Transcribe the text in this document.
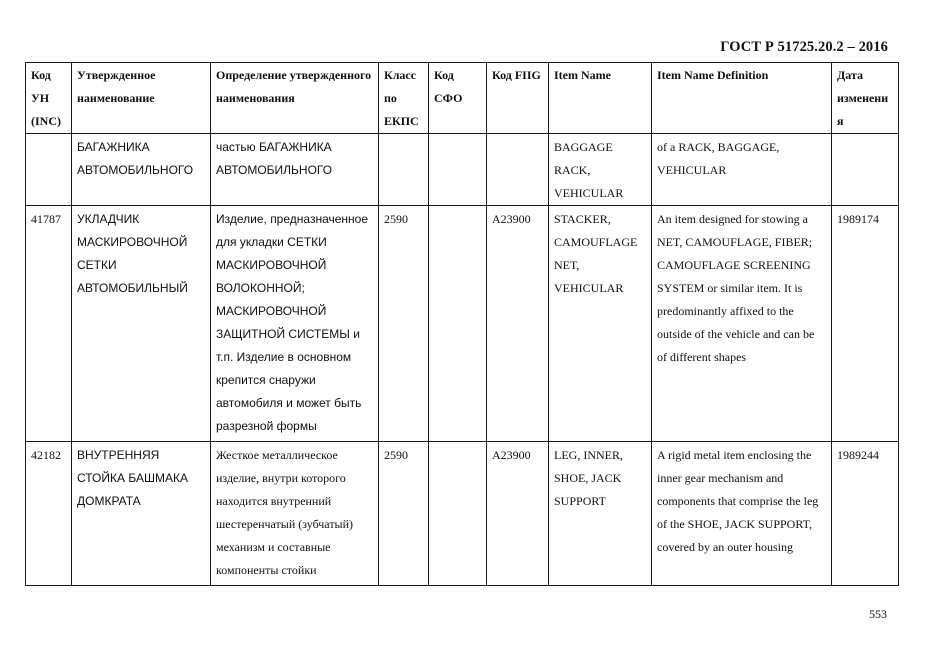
ГОСТ Р 51725.20.2 – 2016
Код УН (INC)	Утвержденное наименование	Определение утвержденного наименования	Класс по ЕКПС	Код СФО	Код FIIG	Item Name	Item Name Definition	Дата изменения
	БАГАЖНИКА АВТОМОБИЛЬНОГО	частью БАГАЖНИКА АВТОМОБИЛЬНОГО				BAGGAGE RACK, VEHICULAR	of a RACK, BAGGAGE, VEHICULAR	
41787	УКЛАДЧИК МАСКИРОВОЧНОЙ СЕТКИ АВТОМОБИЛЬНЫЙ	Изделие, предназначенное для укладки СЕТКИ МАСКИРОВОЧНОЙ ВОЛОКОННОЙ; МАСКИРОВОЧНОЙ ЗАЩИТНОЙ СИСТЕМЫ и т.п. Изделие в основном крепится снаружи автомобиля и может быть разрезной формы	2590		A23900	STACKER, CAMOUFLAGE NET, VEHICULAR	An item designed for stowing a NET, CAMOUFLAGE, FIBER; CAMOUFLAGE SCREENING SYSTEM or similar item. It is predominantly affixed to the outside of the vehicle and can be of different shapes	1989174
42182	ВНУТРЕННЯЯ СТОЙКА БАШМАКА ДОМКРАТА	Жесткое металлическое изделие, внутри которого находится внутренний шестеренчатый (зубчатый) механизм и составные компоненты стойки	2590		A23900	LEG, INNER, SHOE, JACK SUPPORT	A rigid metal item enclosing the inner gear mechanism and components that comprise the leg of the SHOE, JACK SUPPORT, covered by an outer housing	1989244
553
